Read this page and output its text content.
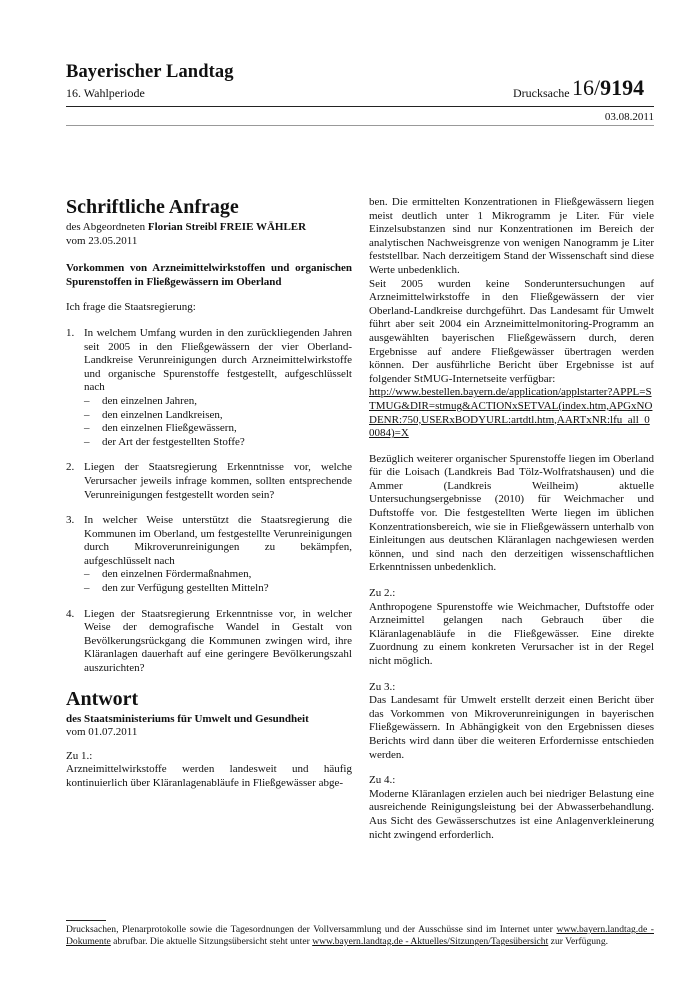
Bayerischer Landtag
16. Wahlperiode	Drucksache 16/9194
03.08.2011
Schriftliche Anfrage

des Abgeordneten Florian Streibl FREIE WÄHLER

vom 23.05.2011

Vorkommen von Arzneimittelwirkstoffen und organischen Spurenstoffen in Fließgewässern im Oberland

Ich frage die Staatsregierung:

1. In welchem Umfang wurden in den zurückliegenden Jahren seit 2005 in den Fließgewässern der vier Oberland-Landkreise Verunreinigungen durch Arzneimittelwirkstoffe und organische Spurenstoffe festgestellt, aufgeschlüsselt nach
– den einzelnen Jahren,
– den einzelnen Landkreisen,
– den einzelnen Fließgewässern,
– der Art der festgestellten Stoffe?
2. Liegen der Staatsregierung Erkenntnisse vor, welche Verursacher jeweils infrage kommen, sollten entsprechende Verunreinigungen festgestellt worden sein?
3. In welcher Weise unterstützt die Staatsregierung die Kommunen im Oberland, um festgestellte Verunreinigungen durch Mikroverunreinigungen zu bekämpfen, aufgeschlüsselt nach
– den einzelnen Fördermaßnahmen,
– den zur Verfügung gestellten Mitteln?
4. Liegen der Staatsregierung Erkenntnisse vor, in welcher Weise der demografische Wandel in Gestalt von Bevölkerungsrückgang die Kommunen zwingen wird, ihre Kläranlagen dauerhaft auf eine geringere Bevölkerungszahl auszurichten?
Antwort

des Staatsministeriums für Umwelt und Gesundheit

vom 01.07.2011

Zu 1.:

Arzneimittelwirkstoffe werden landesweit und häufig kontinuierlich über Kläranlagenabläufe in Fließgewässer abge-

ben. Die ermittelten Konzentrationen in Fließgewässern liegen meist deutlich unter 1 Mikrogramm je Liter. Für viele Einzelsubstanzen sind nur Konzentrationen im Bereich der analytischen Nachweisgrenze von wenigen Nanogramm je Liter feststellbar. Nach derzeitigem Stand der Wissenschaft sind diese Werte unbedenklich.

Seit 2005 wurden keine Sonderuntersuchungen auf Arzneimittelwirkstoffe in den Fließgewässern der vier Oberland-Landkreise durchgeführt. Das Landesamt für Umwelt führt aber seit 2004 ein Arzneimittelmonitoring-Programm an ausgewählten bayerischen Fließgewässern durch, deren Ergebnisse auf andere Fließgewässer übertragen werden können. Der ausführliche Bericht über Ergebnisse ist auf folgender StMUG-Internetseite verfügbar:

http://www.bestellen.bayern.de/application/applstarter?APPL=STMUG&DIR=stmug&ACTIONxSETVAL(index.htm,APGxNODENR:750,USERxBODYURL:artdtl.htm,AARTxNR:lfu_all_00084)=X

Bezüglich weiterer organischer Spurenstoffe liegen im Oberland für die Loisach (Landkreis Bad Tölz-Wolfratshausen) und die Ammer (Landkreis Weilheim) aktuelle Untersuchungsergebnisse (2010) für Weichmacher und Duftstoffe vor. Die festgestellten Werte liegen im üblichen Konzentrationsbereich, wie sie in Fließgewässern unterhalb von Einleitungen aus deutschen Kläranlagen nachgewiesen werden können, und sind nach den derzeitigen wissenschaftlichen Erkenntnissen unbedenklich.

Zu 2.:

Anthropogene Spurenstoffe wie Weichmacher, Duftstoffe oder Arzneimittel gelangen nach Gebrauch über die Kläranlagenabläufe in die Fließgewässer. Eine direkte Zuordnung zu einem konkreten Verursacher ist in der Regel nicht möglich.

Zu 3.:

Das Landesamt für Umwelt erstellt derzeit einen Bericht über das Vorkommen von Mikroverunreinigungen in bayerischen Fließgewässern. In Abhängigkeit von den Ergebnissen dieses Berichts wird dann über die weiteren Erfordernisse entschieden werden.

Zu 4.:

Moderne Kläranlagen erzielen auch bei niedriger Belastung eine ausreichende Reinigungsleistung bei der Abwasserbehandlung. Aus Sicht des Gewässerschutzes ist eine Anlagenverkleinerung nicht zwingend erforderlich.

Drucksachen, Plenarprotokolle sowie die Tagesordnungen der Vollversammlung und der Ausschüsse sind im Internet unter www.bayern.landtag.de - Dokumente abrufbar. Die aktuelle Sitzungsübersicht steht unter www.bayern.landtag.de - Aktuelles/Sitzungen/Tagesübersicht zur Verfügung.
